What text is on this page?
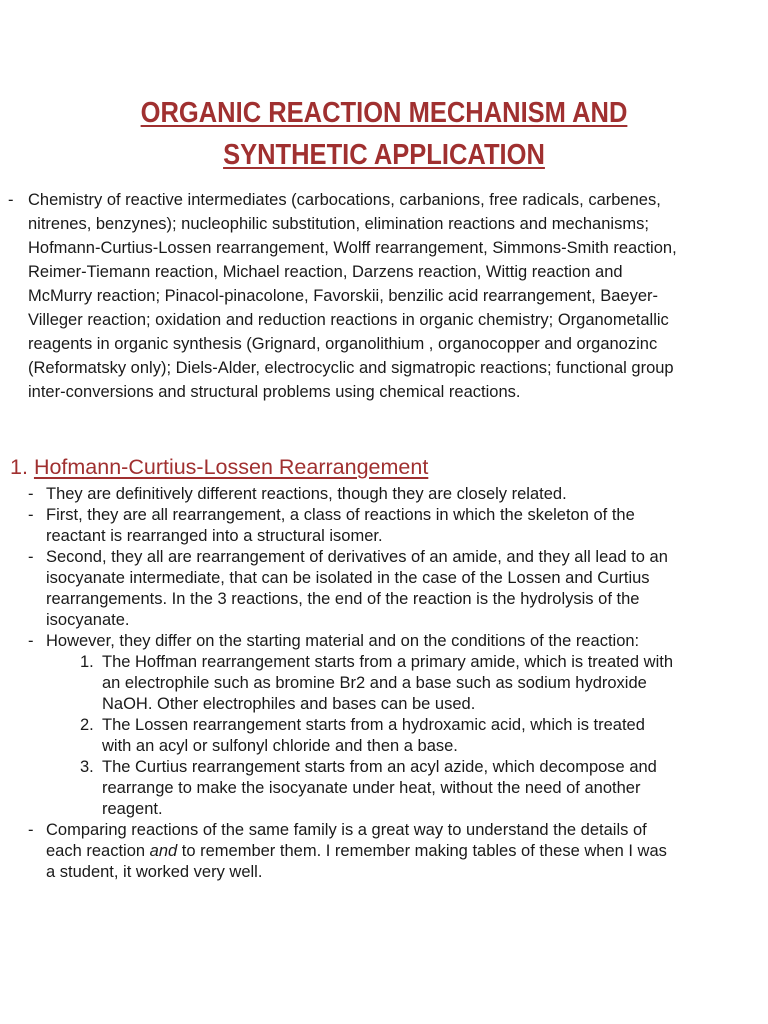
ORGANIC REACTION MECHANISM AND
SYNTHETIC APPLICATION
- Chemistry of reactive intermediates (carbocations, carbanions, free radicals, carbenes, nitrenes, benzynes); nucleophilic substitution, elimination reactions and mechanisms; Hofmann-Curtius-Lossen rearrangement, Wolff rearrangement, Simmons-Smith reaction, Reimer-Tiemann reaction, Michael reaction, Darzens reaction, Wittig reaction and McMurry reaction; Pinacol-pinacolone, Favorskii, benzilic acid rearrangement, Baeyer-Villeger reaction; oxidation and reduction reactions in organic chemistry; Organometallic reagents in organic synthesis (Grignard, organolithium , organocopper and organozinc (Reformatsky only); Diels-Alder, electrocyclic and sigmatropic reactions; functional group inter-conversions and structural problems using chemical reactions.
1. Hofmann-Curtius-Lossen Rearrangement
- They are definitively different reactions, though they are closely related.
- First, they are all rearrangement, a class of reactions in which the skeleton of the reactant is rearranged into a structural isomer.
- Second, they all are rearrangement of derivatives of an amide, and they all lead to an isocyanate intermediate, that can be isolated in the case of the Lossen and Curtius rearrangements. In the 3 reactions, the end of the reaction is the hydrolysis of the isocyanate.
- However, they differ on the starting material and on the conditions of the reaction:
1. The Hoffman rearrangement starts from a primary amide, which is treated with an electrophile such as bromine Br2 and a base such as sodium hydroxide NaOH. Other electrophiles and bases can be used.
2. The Lossen rearrangement starts from a hydroxamic acid, which is treated with an acyl or sulfonyl chloride and then a base.
3. The Curtius rearrangement starts from an acyl azide, which decompose and rearrange to make the isocyanate under heat, without the need of another reagent.
- Comparing reactions of the same family is a great way to understand the details of each reaction and to remember them. I remember making tables of these when I was a student, it worked very well.
